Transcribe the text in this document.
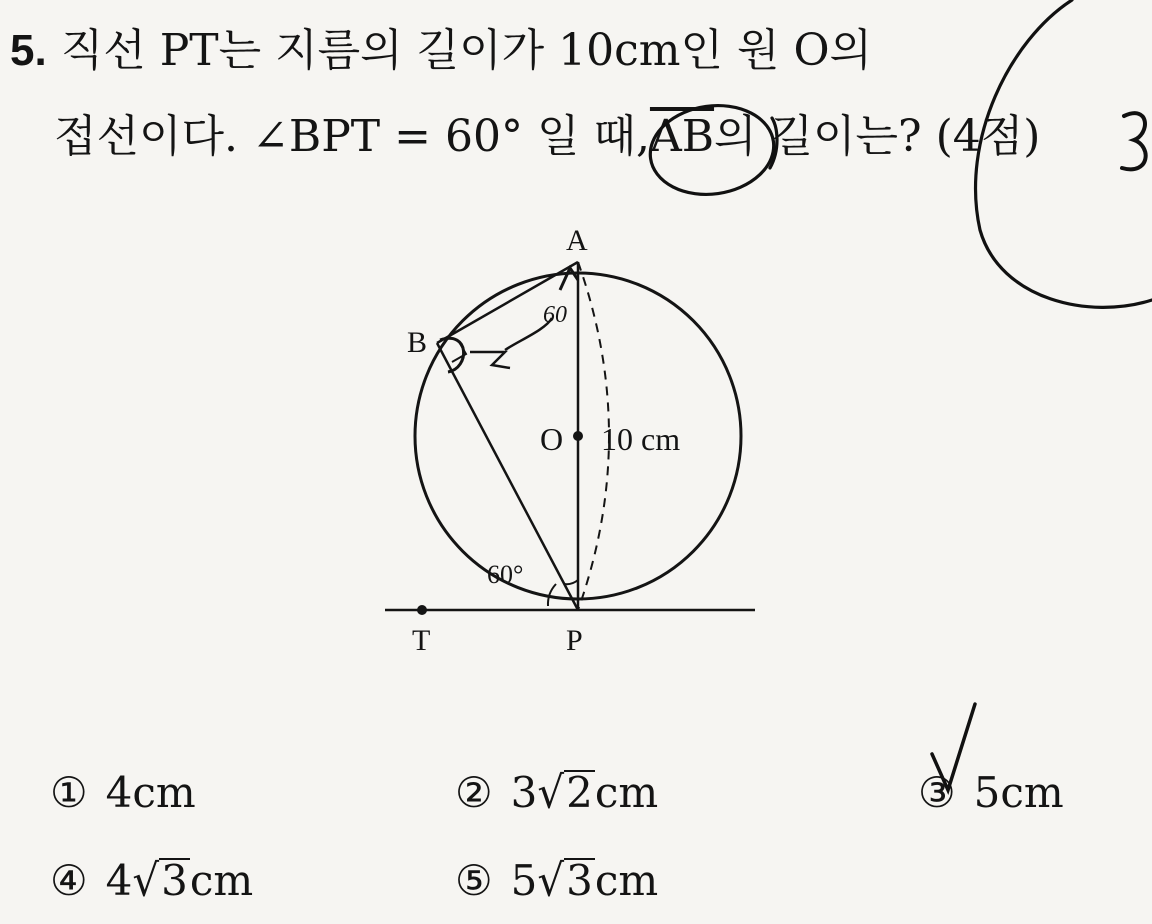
5. 직선 PT는 지름의 길이가 10cm인 원 O의
접선이다. ∠BPT = 60° 일 때$,\overline{AB}$의 길이는? (4점)
A
B
O 10 cm
P
T
60°
60
① 4cm	② 3√2cm	③ 5cm
④ 4√3cm	⑤ 5√3cm
